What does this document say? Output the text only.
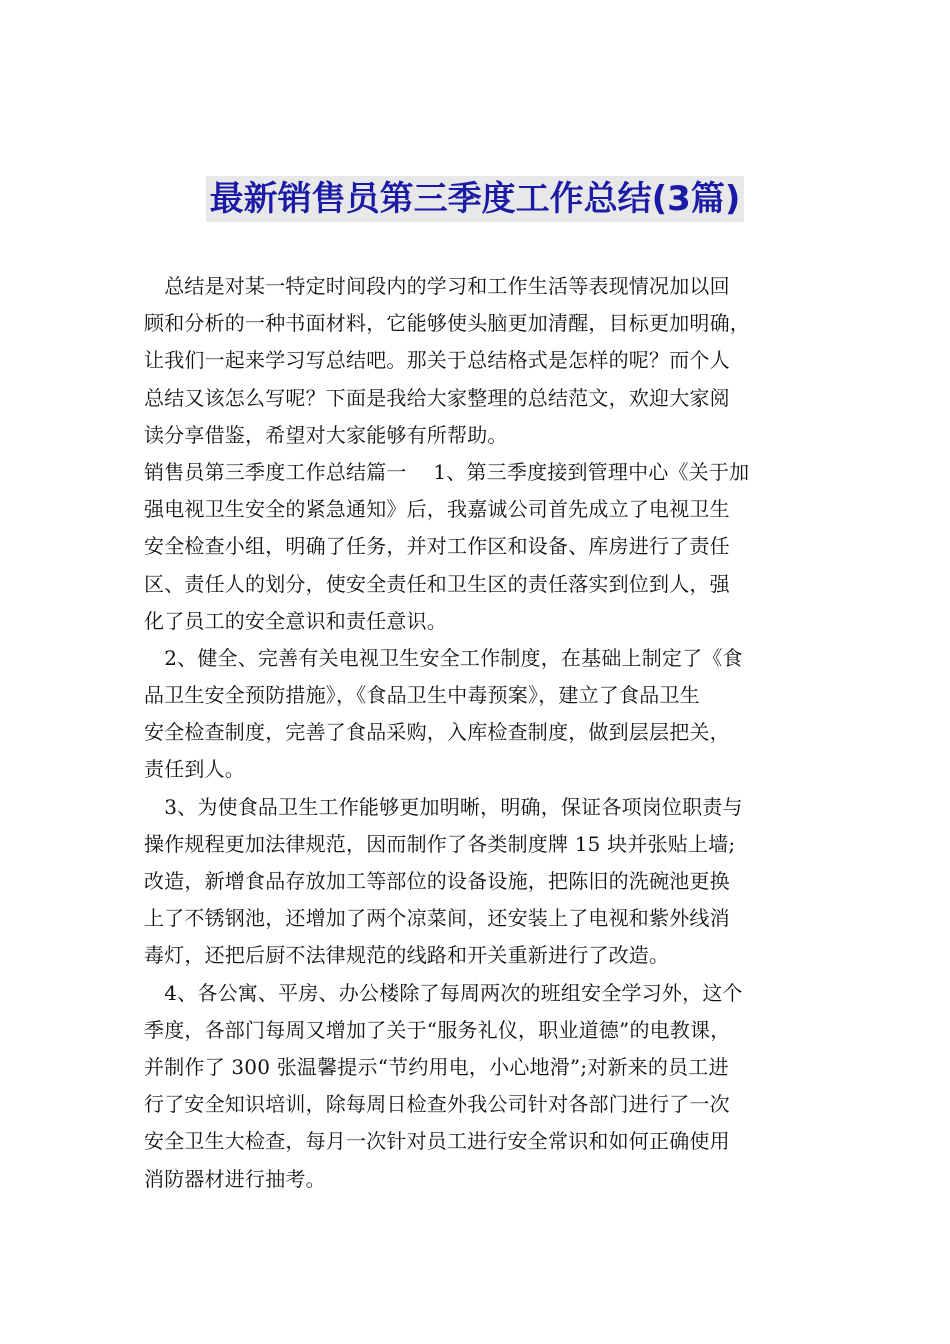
最新销售员第三季度工作总结(3篇)
　总结是对某一特定时间段内的学习和工作生活等表现情况加以回
顾和分析的一种书面材料，它能够使头脑更加清醒，目标更加明确，
让我们一起来学习写总结吧。那关于总结格式是怎样的呢？而个人
总结又该怎么写呢？下面是我给大家整理的总结范文，欢迎大家阅
读分享借鉴，希望对大家能够有所帮助。
销售员第三季度工作总结篇一　 1、第三季度接到管理中心《关于加
强电视卫生安全的紧急通知》后，我嘉诚公司首先成立了电视卫生
安全检查小组，明确了任务，并对工作区和设备、库房进行了责任
区、责任人的划分，使安全责任和卫生区的责任落实到位到人，强
化了员工的安全意识和责任意识。
　2、健全、完善有关电视卫生安全工作制度，在基础上制定了《食
品卫生安全预防措施》，《食品卫生中毒预案》，建立了食品卫生
安全检查制度，完善了食品采购，入库检查制度，做到层层把关，
责任到人。
　3、为使食品卫生工作能够更加明晰，明确，保证各项岗位职责与
操作规程更加法律规范，因而制作了各类制度牌 15 块并张贴上墙;
改造，新增食品存放加工等部位的设备设施，把陈旧的洗碗池更换
上了不锈钢池，还增加了两个凉菜间，还安装上了电视和紫外线消
毒灯，还把后厨不法律规范的线路和开关重新进行了改造。
　4、各公寓、平房、办公楼除了每周两次的班组安全学习外，这个
季度，各部门每周又增加了关于“服务礼仪，职业道德”的电教课，
并制作了 300 张温馨提示“节约用电，小心地滑”;对新来的员工进
行了安全知识培训，除每周日检查外我公司针对各部门进行了一次
安全卫生大检查，每月一次针对员工进行安全常识和如何正确使用
消防器材进行抽考。
